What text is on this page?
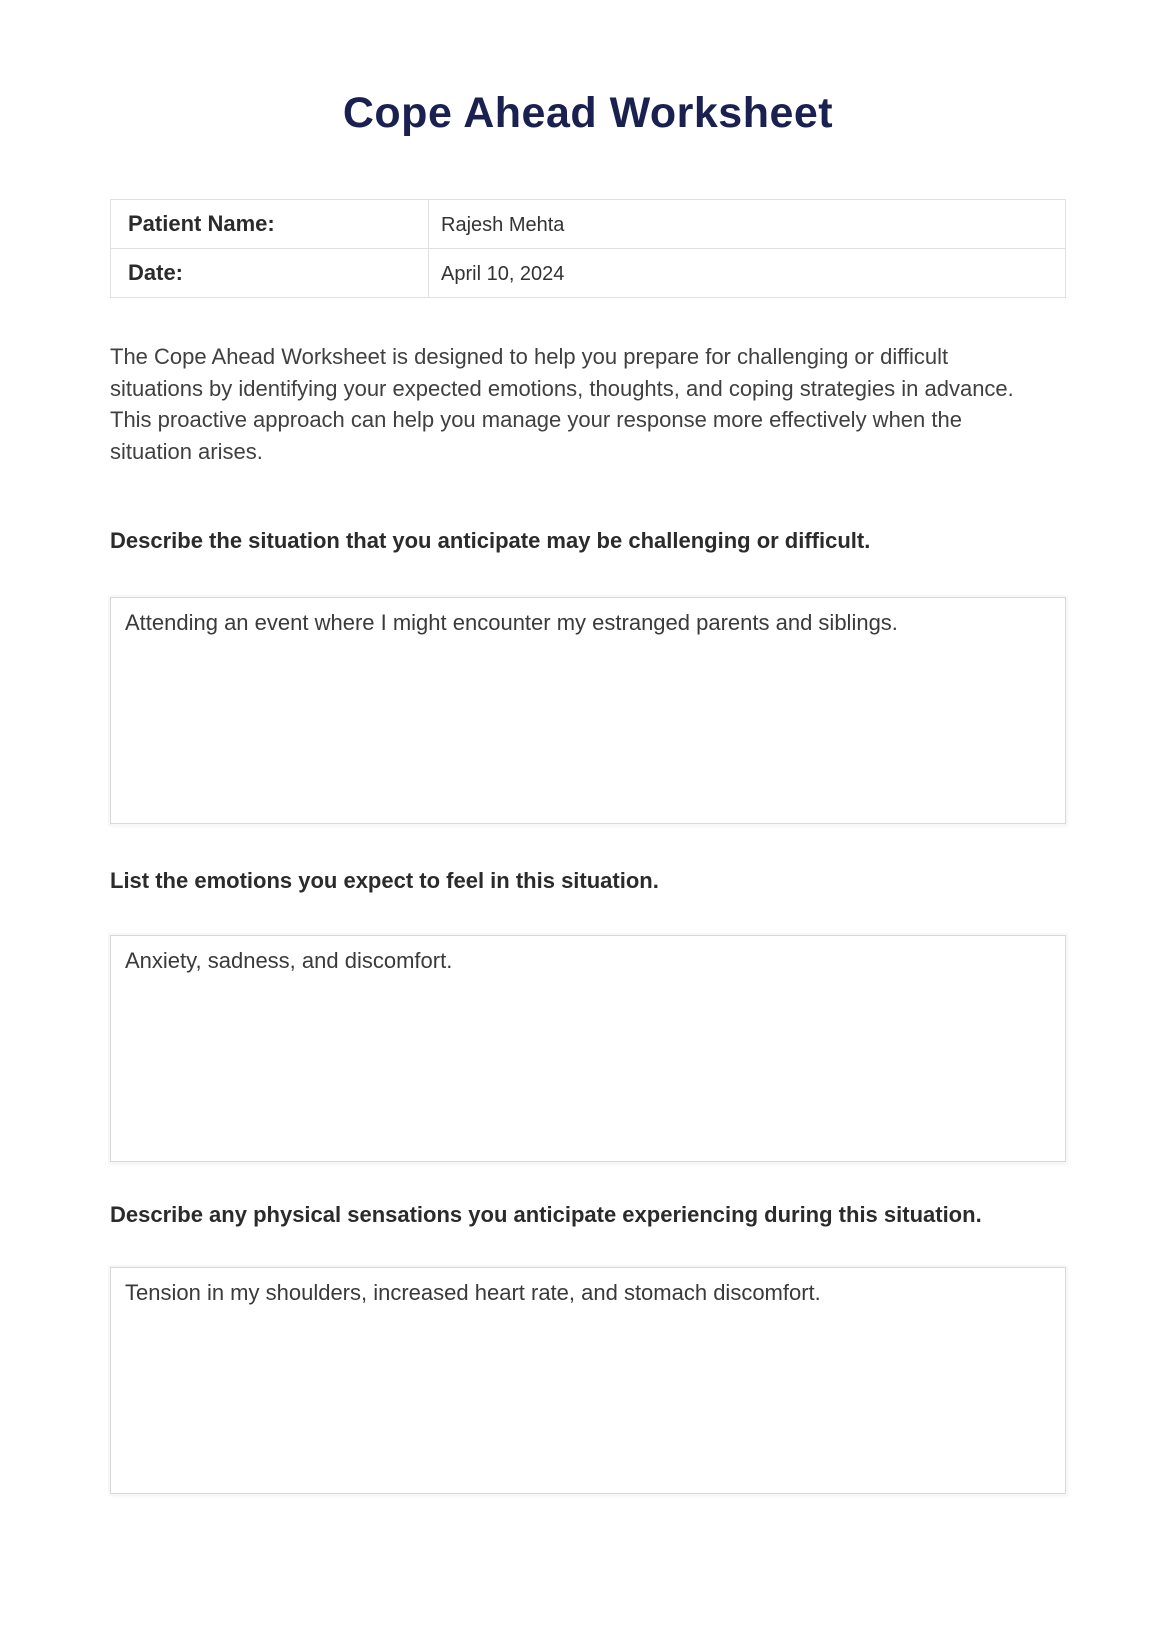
Cope Ahead Worksheet
Patient Name:	Rajesh Mehta
Date:	April 10, 2024
The Cope Ahead Worksheet is designed to help you prepare for challenging or difficult situations by identifying your expected emotions, thoughts, and coping strategies in advance. This proactive approach can help you manage your response more effectively when the situation arises.
Describe the situation that you anticipate may be challenging or difficult.
Attending an event where I might encounter my estranged parents and siblings.
List the emotions you expect to feel in this situation.
Anxiety, sadness, and discomfort.
Describe any physical sensations you anticipate experiencing during this situation.
Tension in my shoulders, increased heart rate, and stomach discomfort.
